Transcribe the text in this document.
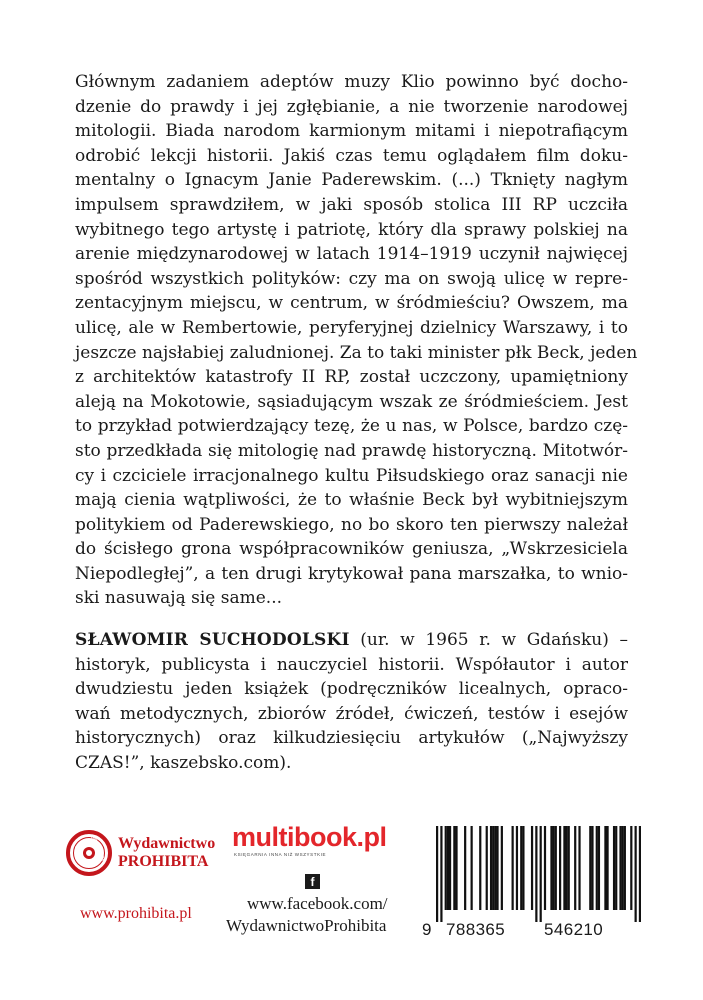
Głównym zadaniem adeptów muzy Klio powinno być docho-
dzenie do prawdy i jej zgłębianie, a nie tworzenie narodowej
mitologii. Biada narodom karmionym mitami i niepotrafiącym
odrobić lekcji historii. Jakiś czas temu oglądałem film doku-
mentalny o Ignacym Janie Paderewskim. (...) Tknięty nagłym
impulsem sprawdziłem, w jaki sposób stolica III RP uczciła
wybitnego tego artystę i patriotę, który dla sprawy polskiej na
arenie międzynarodowej w latach 1914–1919 uczynił najwięcej
spośród wszystkich polityków: czy ma on swoją ulicę w repre-
zentacyjnym miejscu, w centrum, w śródmieściu? Owszem, ma
ulicę, ale w Rembertowie, peryferyjnej dzielnicy Warszawy, i to
jeszcze najsłabiej zaludnionej. Za to taki minister płk Beck, jeden
z architektów katastrofy II RP, został uczczony, upamiętniony
aleją na Mokotowie, sąsiadującym wszak ze śródmieściem. Jest
to przykład potwierdzający tezę, że u nas, w Polsce, bardzo czę-
sto przedkłada się mitologię nad prawdę historyczną. Mitotwór-
cy i czciciele irracjonalnego kultu Piłsudskiego oraz sanacji nie
mają cienia wątpliwości, że to właśnie Beck był wybitniejszym
politykiem od Paderewskiego, no bo skoro ten pierwszy należał
do ścisłego grona współpracowników geniusza, „Wskrzesiciela
Niepodległej”, a ten drugi krytykował pana marszałka, to wnio-
ski nasuwają się same...

SŁAWOMIR SUCHODOLSKI (ur. w 1965 r. w Gdańsku) –
historyk, publicysta i nauczyciel historii. Współautor i autor
dwudziestu jeden książek (podręczników licealnych, opraco-
wań metodycznych, zbiorów źródeł, ćwiczeń, testów i esejów
historycznych) oraz kilkudziesięciu artykułów („Najwyższy
CZAS!”, kaszebsko.com).

PRO
HIB
ITA
Wydawnictwo
PROHIBITA
www.prohibita.pl
multibook.pl
KSIĘGARNIA INNA NIŻ WSZYSTKIE
f
www.facebook.com/
WydawnictwoProhibita	9 788365 546210
